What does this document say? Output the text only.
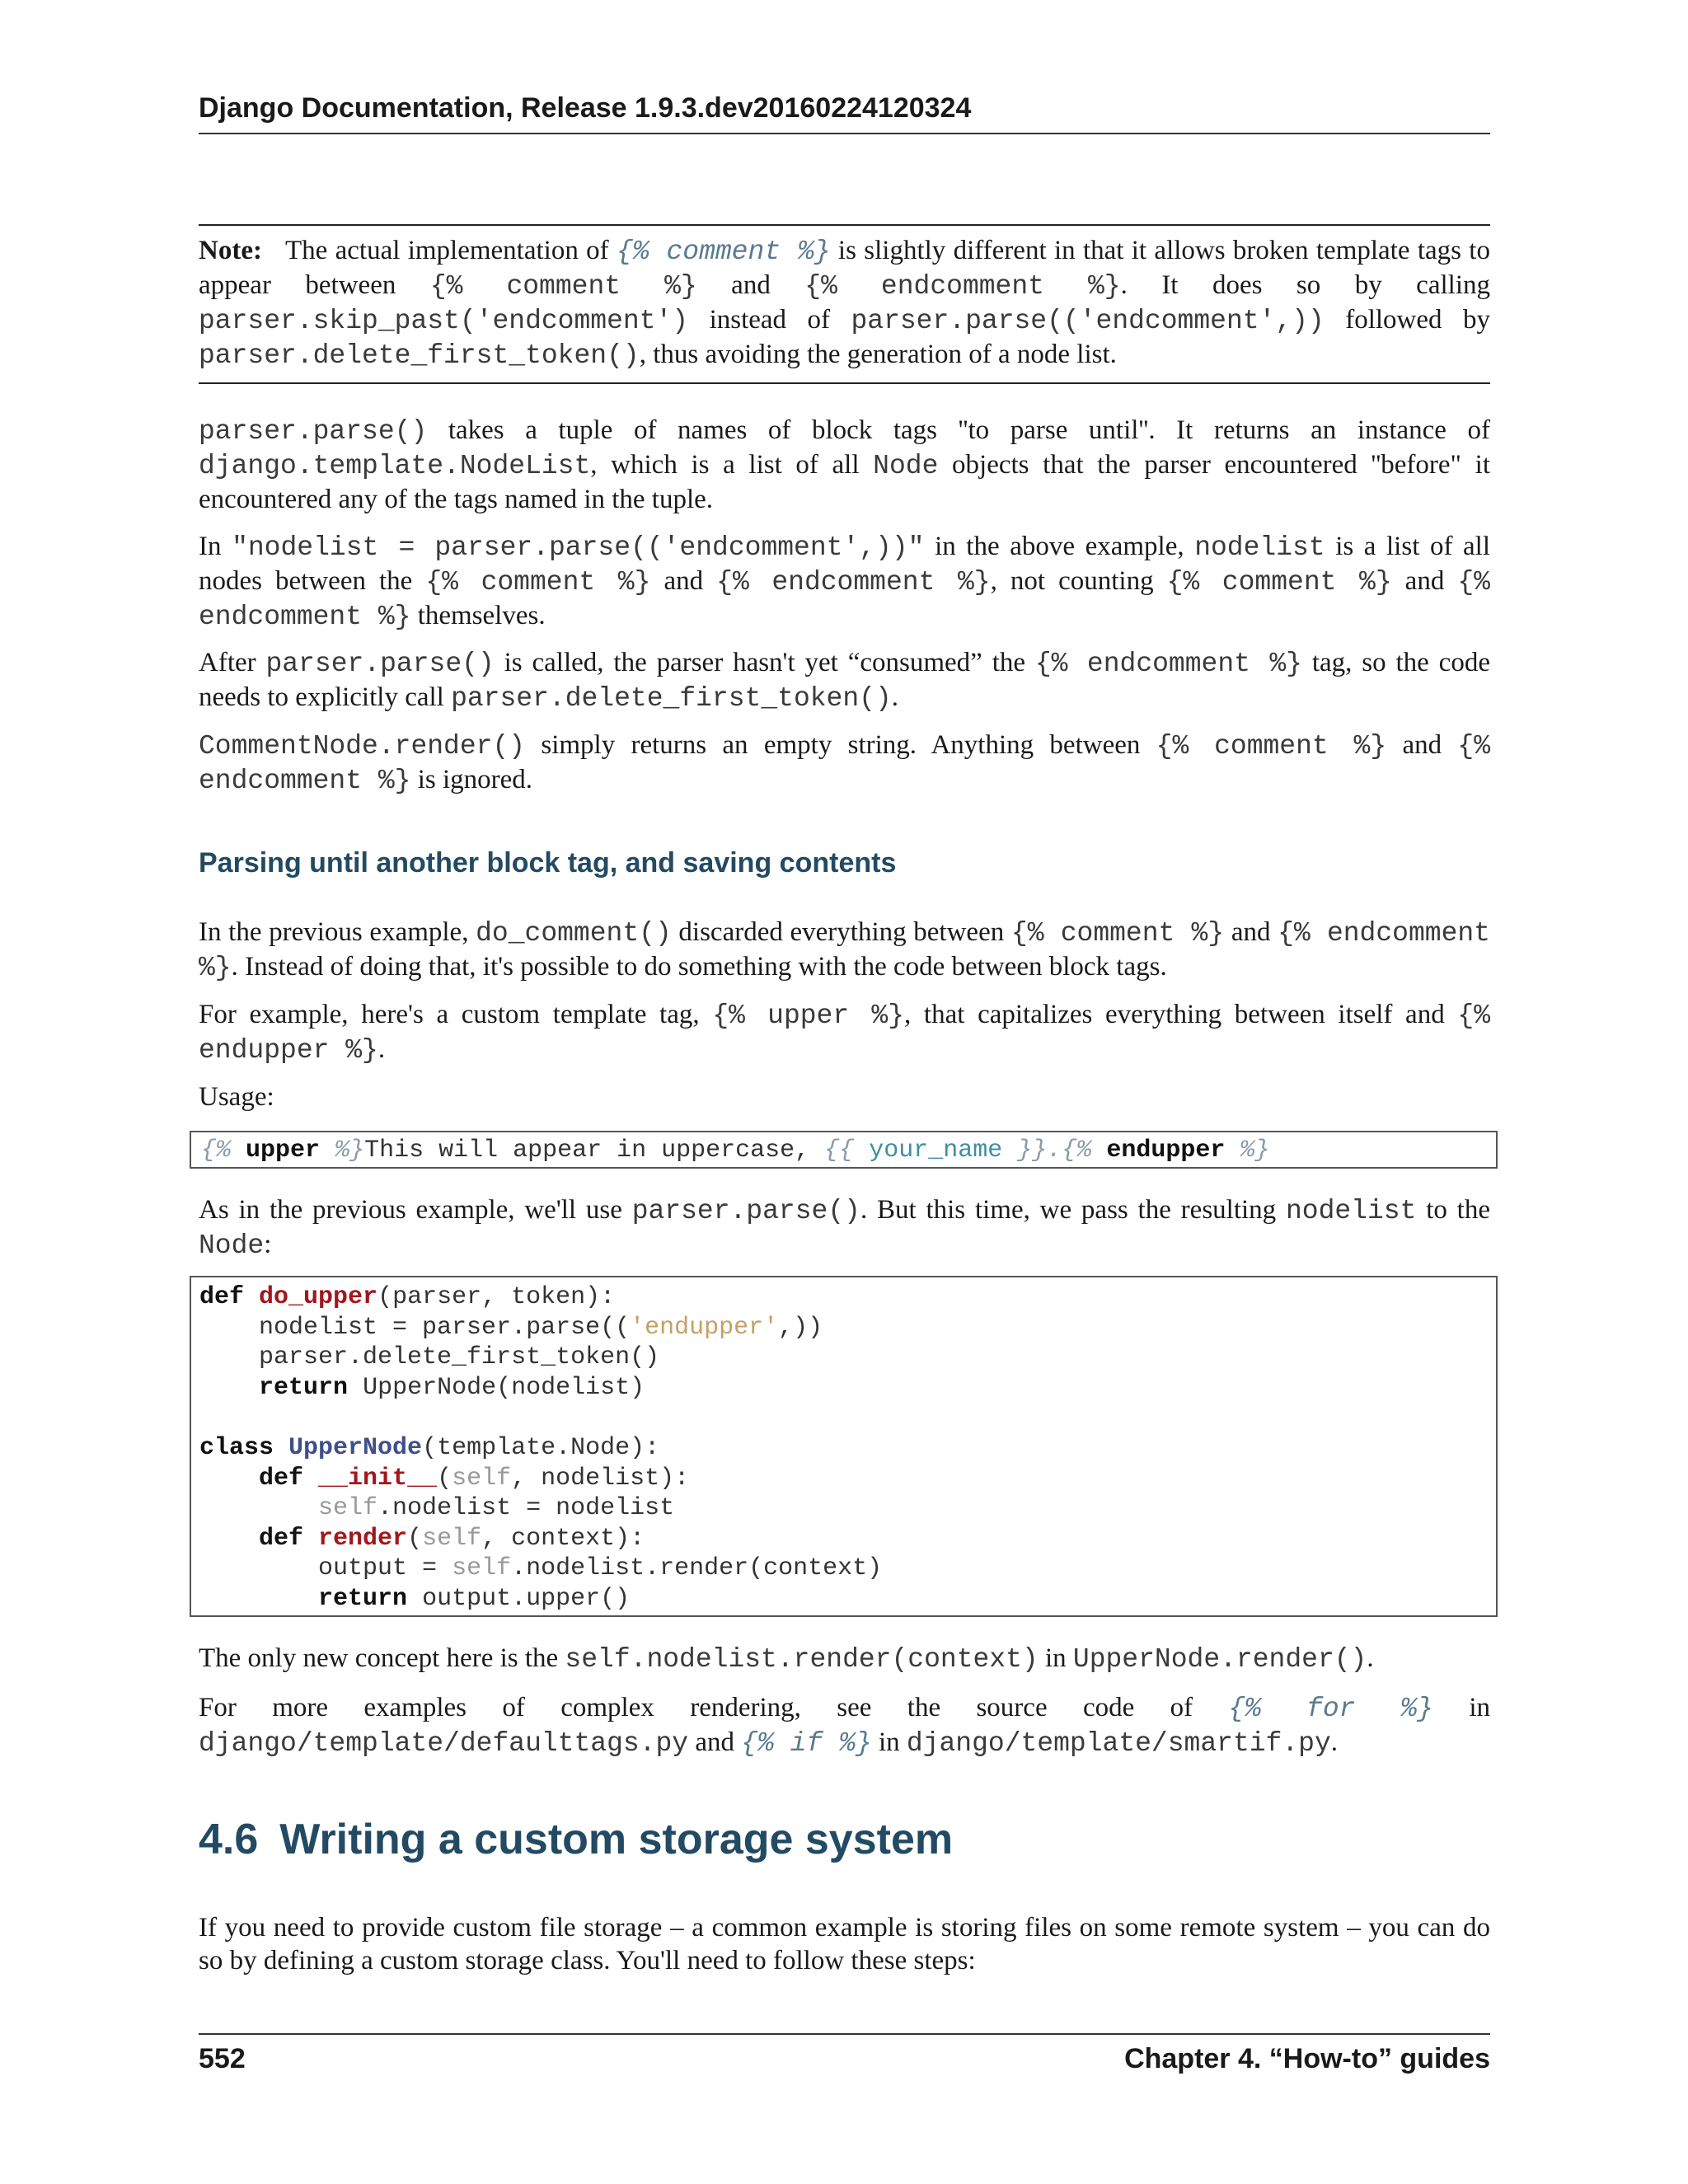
Django Documentation, Release 1.9.3.dev20160224120324
Note: The actual implementation of {% comment %} is slightly different in that it allows broken template tags to appear between {% comment %} and {% endcomment %}. It does so by calling parser.skip_past('endcomment') instead of parser.parse(('endcomment',)) followed by parser.delete_first_token(), thus avoiding the generation of a node list.

parser.parse() takes a tuple of names of block tags ''to parse until''. It returns an instance of django.template.NodeList, which is a list of all Node objects that the parser encountered ''before" it encountered any of the tags named in the tuple.

In "nodelist = parser.parse(('endcomment',))" in the above example, nodelist is a list of all nodes between the {% comment %} and {% endcomment %}, not counting {% comment %} and {% endcomment %} themselves.

After parser.parse() is called, the parser hasn't yet “consumed” the {% endcomment %} tag, so the code needs to explicitly call parser.delete_first_token().

CommentNode.render() simply returns an empty string. Anything between {% comment %} and {% endcomment %} is ignored.

Parsing until another block tag, and saving contents

In the previous example, do_comment() discarded everything between {% comment %} and {% endcomment %}. Instead of doing that, it's possible to do something with the code between block tags.

For example, here's a custom template tag, {% upper %}, that capitalizes everything between itself and {% endupper %}.

Usage:

{% upper %}This will appear in uppercase, {{ your_name }}.{% endupper %}

As in the previous example, we'll use parser.parse(). But this time, we pass the resulting nodelist to the Node:

def do_upper(parser, token):
nodelist = parser.parse(('endupper',))
parser.delete_first_token()
return UpperNode(nodelist)

class UpperNode(template.Node):
def __init__(self, nodelist):
self.nodelist = nodelist
def render(self, context):
output = self.nodelist.render(context)
return output.upper()

The only new concept here is the self.nodelist.render(context) in UpperNode.render().

For more examples of complex rendering, see the source code of {% for %} in django/template/defaulttags.py and {% if %} in django/template/smartif.py.

4.6 Writing a custom storage system

If you need to provide custom file storage – a common example is storing files on some remote system – you can do so by defining a custom storage class. You'll need to follow these steps:

552	Chapter 4. “How-to” guides
